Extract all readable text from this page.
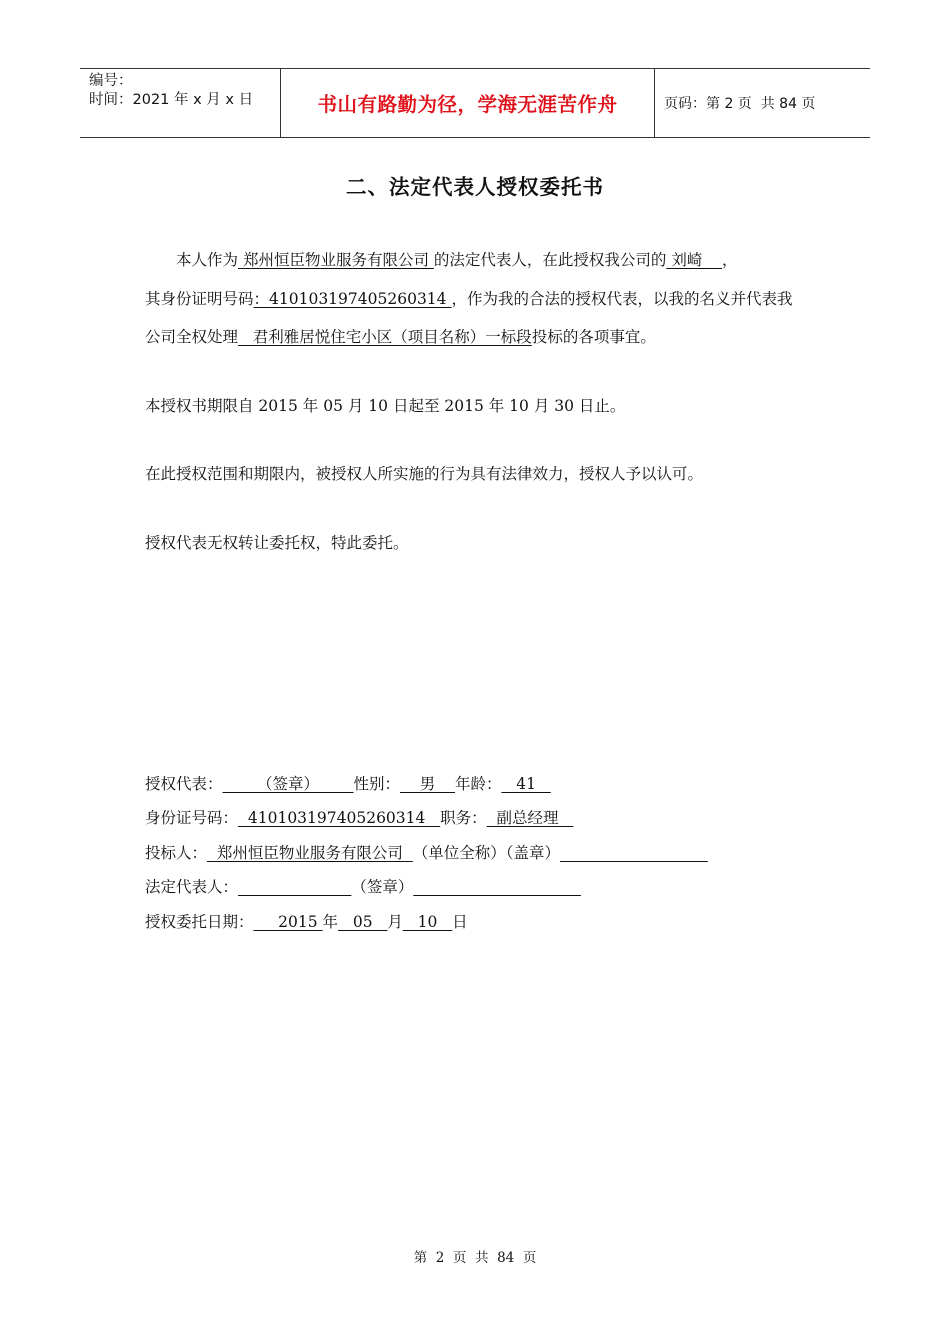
编号：
时间：2021 年 x 月 x 日	书山有路勤为径，学海无涯苦作舟	页码：第 2 页  共 84 页
二、法定代表人授权委托书
本人作为 郑州恒臣物业服务有限公司 的法定代表人，在此授权我公司的 刘崎    ，
其身份证明号码：410103197405260314 ，作为我的合法的授权代表，以我的名义并代表我
公司全权处理   君利雅居悦住宅小区（项目名称）一标段投标的各项事宜。
本授权书期限自 2015 年 05 月 10 日起至 2015 年 10 月 30 日止。
在此授权范围和期限内，被授权人所实施的行为具有法律效力，授权人予以认可。
授权代表无权转让委托权，特此委托。
授权代表：       （签章）       性别：    男    年龄：   41
身份证号码：  410103197405260314   职务：  副总经理
投标人：  郑州恒臣物业服务有限公司  （单位全称）（盖章）
法定代表人：	（签章）
授权委托日期：     2015 年   05   月   10   日
第  2  页  共  84  页
